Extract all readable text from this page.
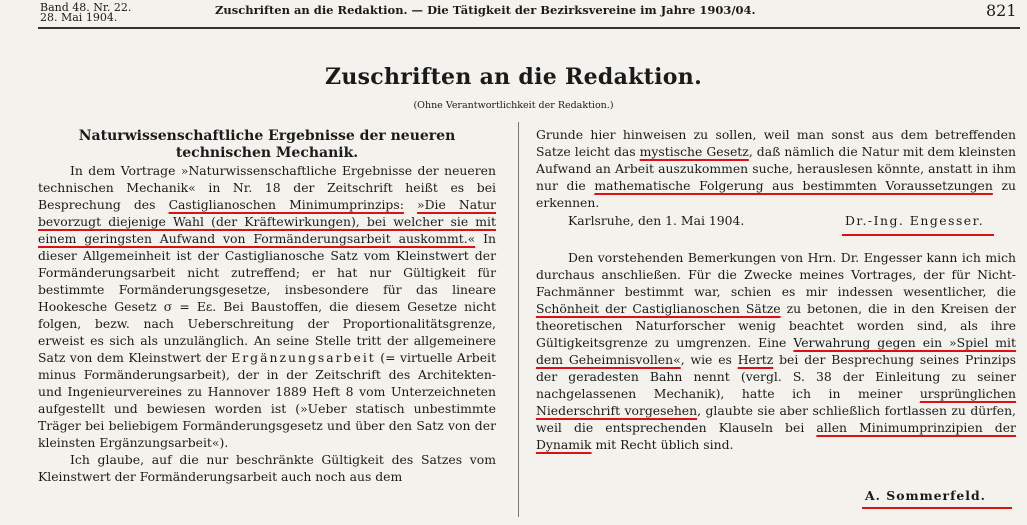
Band 48. Nr. 22.
28. Mai 1904.
Zuschriften an die Redaktion. — Die Tätigkeit der Bezirksvereine im Jahre 1903/04.	821
Zuschriften an die Redaktion.
(Ohne Verantwortlichkeit der Redaktion.)
Naturwissenschaftliche Ergebnisse der neueren technischen Mechanik.

In dem Vortrage »Naturwissenschaftliche Ergebnisse der neueren technischen Mechanik« in Nr. 18 der Zeitschrift heißt es bei Besprechung des Castiglianoschen Minimumprinzips: »Die Natur bevorzugt diejenige Wahl (der Kräftewirkungen), bei welcher sie mit einem geringsten Aufwand von Formänderungsarbeit auskommt.« In dieser Allgemeinheit ist der Castiglianosche Satz vom Kleinstwert der Formänderungsarbeit nicht zutreffend; er hat nur Gültigkeit für bestimmte Formänderungsgesetze, insbesondere für das lineare Hookesche Gesetz σ = Eε. Bei Baustoffen, die diesem Gesetze nicht folgen, bezw. nach Ueberschreitung der Proportionalitätsgrenze, erweist es sich als unzulänglich. An seine Stelle tritt der allgemeinere Satz von dem Kleinstwert der Ergänzungsarbeit (= virtuelle Arbeit minus Formänderungsarbeit), der in der Zeitschrift des Architekten- und Ingenieurvereines zu Hannover 1889 Heft 8 vom Unterzeichneten aufgestellt und bewiesen worden ist (»Ueber statisch unbestimmte Träger bei beliebigem Formänderungsgesetz und über den Satz von der kleinsten Ergänzungsarbeit«).

Ich glaube, auf die nur beschränkte Gültigkeit des Satzes vom Kleinstwert der Formänderungsarbeit auch noch aus dem

Grunde hier hinweisen zu sollen, weil man sonst aus dem betreffenden Satze leicht das mystische Gesetz, daß nämlich die Natur mit dem kleinsten Aufwand an Arbeit auszukommen suche, herauslesen könnte, anstatt in ihm nur die mathematische Folgerung aus bestimmten Voraussetzungen zu erkennen.

Den vorstehenden Bemerkungen von Hrn. Dr. Engesser kann ich mich durchaus anschließen. Für die Zwecke meines Vortrages, der für Nicht-Fachmänner bestimmt war, schien es mir indessen wesentlicher, die Schönheit der Castiglianoschen Sätze zu betonen, die in den Kreisen der theoretischen Naturforscher wenig beachtet worden sind, als ihre Gültigkeitsgrenze zu umgrenzen. Eine Verwahrung gegen ein »Spiel mit dem Geheimnisvollen«, wie es Hertz bei der Besprechung seines Prinzips der geradesten Bahn nennt (vergl. S. 38 der Einleitung zu seiner nachgelassenen Mechanik), hatte ich in meiner ursprünglichen Niederschrift vorgesehen, glaubte sie aber schließlich fortlassen zu dürfen, weil die entsprechenden Klauseln bei allen Minimumprinzipien der Dynamik mit Recht üblich sind.

Karlsruhe, den 1. Mai 1904.	Dr.-Ing. Engesser.
A. Sommerfeld.
